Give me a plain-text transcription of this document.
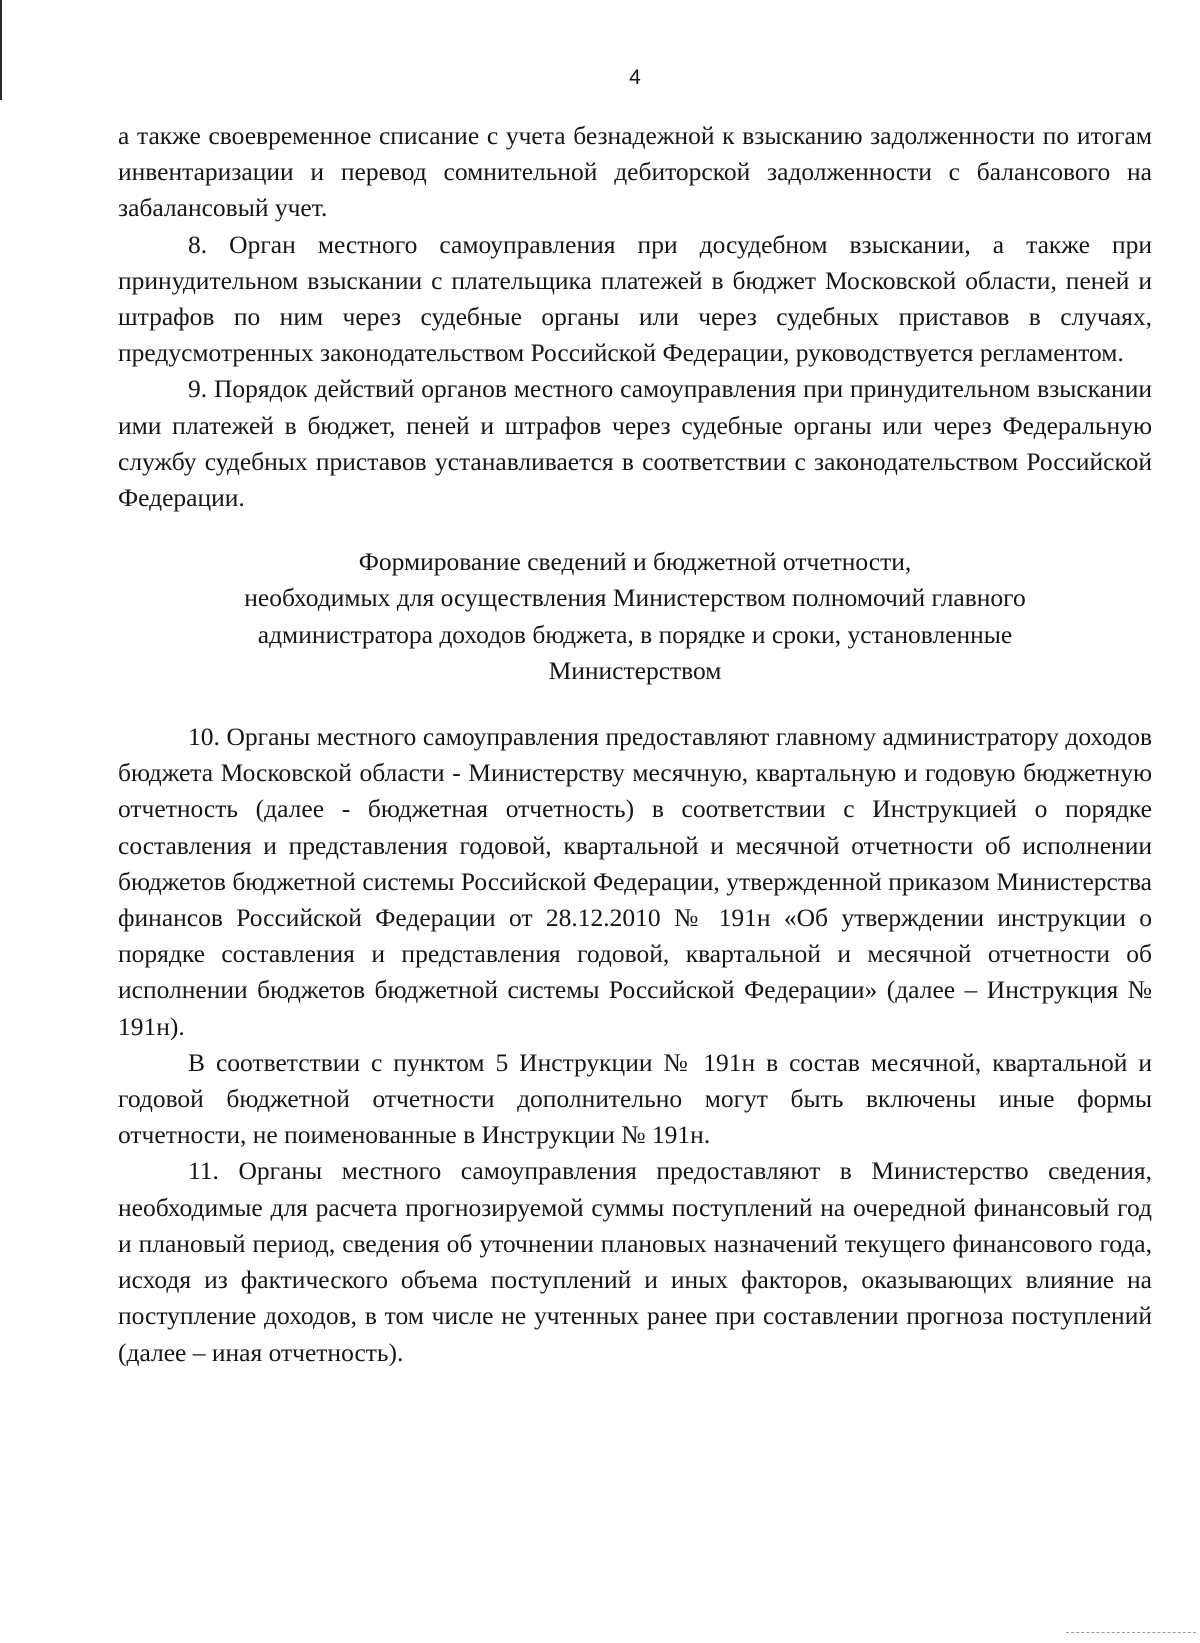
4

а также своевременное списание с учета безнадежной к взысканию задолженности по итогам инвентаризации и перевод сомнительной дебиторской задолженности с балансового на забалансовый учет.

8. Орган местного самоуправления при досудебном взыскании, а также при принудительном взыскании с плательщика платежей в бюджет Московской области, пеней и штрафов по ним через судебные органы или через судебных приставов в случаях, предусмотренных законодательством Российской Федерации, руководствуется регламентом.

9. Порядок действий органов местного самоуправления при принудительном взыскании ими платежей в бюджет, пеней и штрафов через судебные органы или через Федеральную службу судебных приставов устанавливается в соответствии с законодательством Российской Федерации.

Формирование сведений и бюджетной отчетности,
необходимых для осуществления Министерством полномочий главного
администратора доходов бюджета, в порядке и сроки, установленные
Министерством

10. Органы местного самоуправления предоставляют главному администратору доходов бюджета Московской области - Министерству месячную, квартальную и годовую бюджетную отчетность (далее - бюджетная отчетность) в соответствии с Инструкцией о порядке составления и представления годовой, квартальной и месячной отчетности об исполнении бюджетов бюджетной системы Российской Федерации, утвержденной приказом Министерства финансов Российской Федерации от 28.12.2010 № 191н «Об утверждении инструкции о порядке составления и представления годовой, квартальной и месячной отчетности об исполнении бюджетов бюджетной системы Российской Федерации» (далее – Инструкция № 191н).

В соответствии с пунктом 5 Инструкции № 191н в состав месячной, квартальной и годовой бюджетной отчетности дополнительно могут быть включены иные формы отчетности, не поименованные в Инструкции № 191н.

11. Органы местного самоуправления предоставляют в Министерство сведения, необходимые для расчета прогнозируемой суммы поступлений на очередной финансовый год и плановый период, сведения об уточнении плановых назначений текущего финансового года, исходя из фактического объема поступлений и иных факторов, оказывающих влияние на поступление доходов, в том числе не учтенных ранее при составлении прогноза поступлений (далее – иная отчетность).
